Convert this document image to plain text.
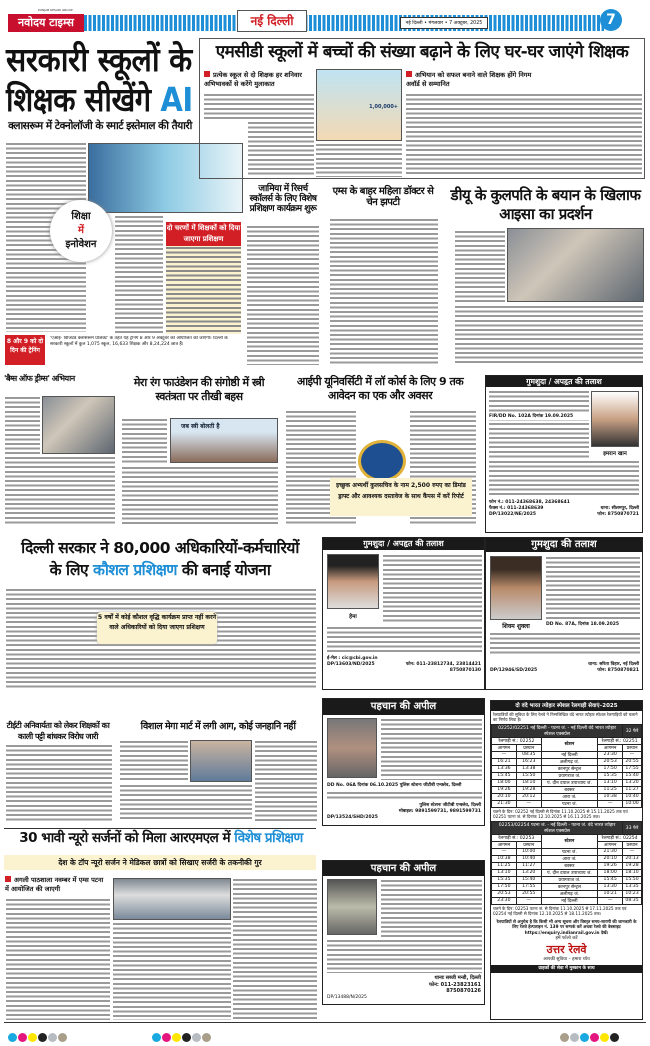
नवोदय टाइम्स
PUNJAB KESARI GROUP
नई दिल्ली	नई दिल्ली • मंगलवार • 7 अक्टूबर, 2025	7
सरकारी स्कूलों के
शिक्षक सीखेंगे AI
क्लासरूम में टेक्नोलॉजी के स्मार्ट इस्तेमाल की तैयारी
शिक्षा
में
इनोवेशन
दो चरणों में शिक्षकों को दिया जाएगा प्रशिक्षण
8 और 9 को दो दिन की ट्रेनिंग
'एआई- विजिटेड क्लासरूम प्रोजेक्ट' के तहत यह ट्रेनिंग 8 और 9 अक्टूबर को आयोजित की जाएगी। दिल्ली के सरकारी स्कूलों में कुल 1,075 स्कूल, 16,633 शिक्षक और 8,24,224 छात्र हैं।
एमसीडी स्कूलों में बच्चों की संख्या बढ़ाने के लिए घर-घर जाएंगे शिक्षक
प्रत्येक स्कूल से दो शिक्षक हर शनिवार अभिभावकों से करेंगे मुलाकात
1,00,000+
अभियान को सफल बनाने वाले शिक्षक होंगे निगम अवॉर्ड से सम्मानित
जामिया में रिसर्च स्कॉलर्स के लिए विशेष प्रशिक्षण कार्यक्रम शुरू
एम्स के बाहर महिला डॉक्टर से चेन झपटी	डीयू के कुलपति के बयान के खिलाफ आइसा का प्रदर्शन
'बैग्स ऑफ ड्रीम्स' अभियान	मेरा रंग फाउंडेशन की संगोष्ठी में स्त्री स्वतंत्रता पर तीखी बहस
जब स्त्री बोलती है
आईपी यूनिवर्सिटी में लॉ कोर्स के लिए 9 तक आवेदन का एक और अवसर
इच्छुक अभ्यर्थी कुलसचिव के नाम 2,500 रुपए का डिमांड ड्राफ्ट और आवश्यक दस्तावेज के साथ कैंपस में करें रिपोर्ट
गुमशुदा / अपहृत की तलाश
इमरान खान
FIR/DD No. 102A दिनांक 19.09.2025
फोन नं.: 011-24368638, 24368641
फैक्स नं.: 011-24368639
DP/13022/NE/2025
थाना: सीलमपुर, दिल्ली
फोन: 8750870721
दिल्ली सरकार ने 80,000 अधिकारियों-कर्मचारियों
के लिए कौशल प्रशिक्षण की बनाई योजना
5 वर्षों में कोई कौशल वृद्धि कार्यक्रम प्राप्त नहीं करने वाले अधिकारियों को दिया जाएगा प्रशिक्षण
गुमशुदा / अपहृत की तलाश
हेमा
ई-मेल : cic@cbi.gov.in
DP/13603/ND/2025	फोन: 011-23812734, 23814421
8750870130
गुमशुदा की तलाश
शिवम शुक्ला	DD No. 87A, दिनांक 18.09.2025
DP/12946/SD/2025
थाना: सरिता विहार, नई दिल्ली
फोन: 8750870821
टीईटी अनिवार्यता को लेकर शिक्षकों का काली पट्टी बांधकर विरोध जारी
विशाल मेगा मार्ट में लगी आग, कोई जनहानि नहीं
पहचान की अपील
DD No. 06A दिनांक 06.10.2025 पुलिस स्टेशनः जीटीबी एन्क्लेव, दिल्ली
पुलिस स्टेशनः जीटीबी एन्क्लेव, दिल्ली
मोबाइल: 9891599731, 9891599731
DP/13524/SHD/2025
दो वंदे भारत त्योहार स्पेशल रेलगाड़ी सेवाएं–2025
रेलयात्रियों की सुविधा के लिए रेलवे ने निम्नलिखित वंदे भारत त्योहार स्पेशल रेलगाड़ियों को चलाने का निर्णय लिया है।
02252/02251 नई दिल्ली - पटना जं. - नई दिल्ली वंदे भारत त्योहार स्पेशल एक्सप्रेस				32 फेरे
रेलगाड़ी सं.: 02252		स्टेशन	रेलगाड़ी सं.: 02251	
आगमन	प्रस्थान		आगमन	प्रस्थान
—	08:35	नई दिल्ली	23:30	—
16:21	16:23	अलीगढ़ जं.	20:53	20:55
13:36	13:38	कानपुर सेन्ट्रल	17:50	17:55
15:45	15:50	प्रयागराज जं.	15:35	15:40
18:00	18:10	पं. दीन दयाल उपाध्याय जं.	13:10	13:20
19:26	19:28	बक्सर	11:25	11:27
20:10	20:12	आरा जं.	10:38	10:40
21:30	—	पटना जं.	—	10:00
चलने के दिन: 02252 नई दिल्ली से दिनांक 11.10.2025 से 15.11.2025 तक एवं 02251 पटना जं. से दिनांक 12.10.2025 से 16.11.2025 तक।
02253/02254 पटना जं. - नई दिल्ली - पटना जं. वंदे भारत त्योहार स्पेशल एक्सप्रेस				33 फेरे
रेलगाड़ी सं.: 02253		स्टेशन	रेलगाड़ी सं.: 02254	
आगमन	प्रस्थान		आगमन	प्रस्थान
—	10:00	पटना जं.	21:30	—
10:38	10:40	आरा जं.	20:10	20:13
11:25	11:27	बक्सर	19:26	19:28
13:10	13:20	पं. दीन दयाल उपाध्याय जं.	18:00	18:10
15:35	15:40	प्रयागराज जं.	15:45	15:50
17:50	17:55	कानपुर सेन्ट्रल	13:30	13:35
20:53	20:55	अलीगढ़ जं.	10:21	10:23
23:30	—	नई दिल्ली	—	08:35
चलने के दिन: 02253 पटना जं. से दिनांक 11.10.2025 से 17.11.2025 तक एवं 02254 नई दिल्ली से दिनांक 12.10.2025 से 18.11.2025 तक।
रेलयात्रियों से अनुरोध है कि किसी भी अन्य सूचना और विस्तृत समय-सारणी की जानकारी के लिए रेलवे हेल्पलाइन नं. 139 पर सम्पर्क करें अथवा रेलवे की वेबसाइट https://enquiry.indianrail.gov.in देखें।
हमें फॉलो करें
उत्तर रेलवे
आपकी सुविधा – हमारा ध्येय
ग्राहकों की सेवा में मुस्कान के साथ
30 भावी न्यूरो सर्जनों को मिला आरएमएल में विशेष प्रशिक्षण
देश के टॉप न्यूरो सर्जन ने मेडिकल छात्रों को सिखाए सर्जरी के तकनीकी गुर
अगली पाठशाला नवम्बर में एम्स पटना में आयोजित की जाएगी
पहचान की अपील
थानाः सब्जी मन्डी, दिल्ली
फोन: 011-23823161
8750870126
DP/13488/N/2025
